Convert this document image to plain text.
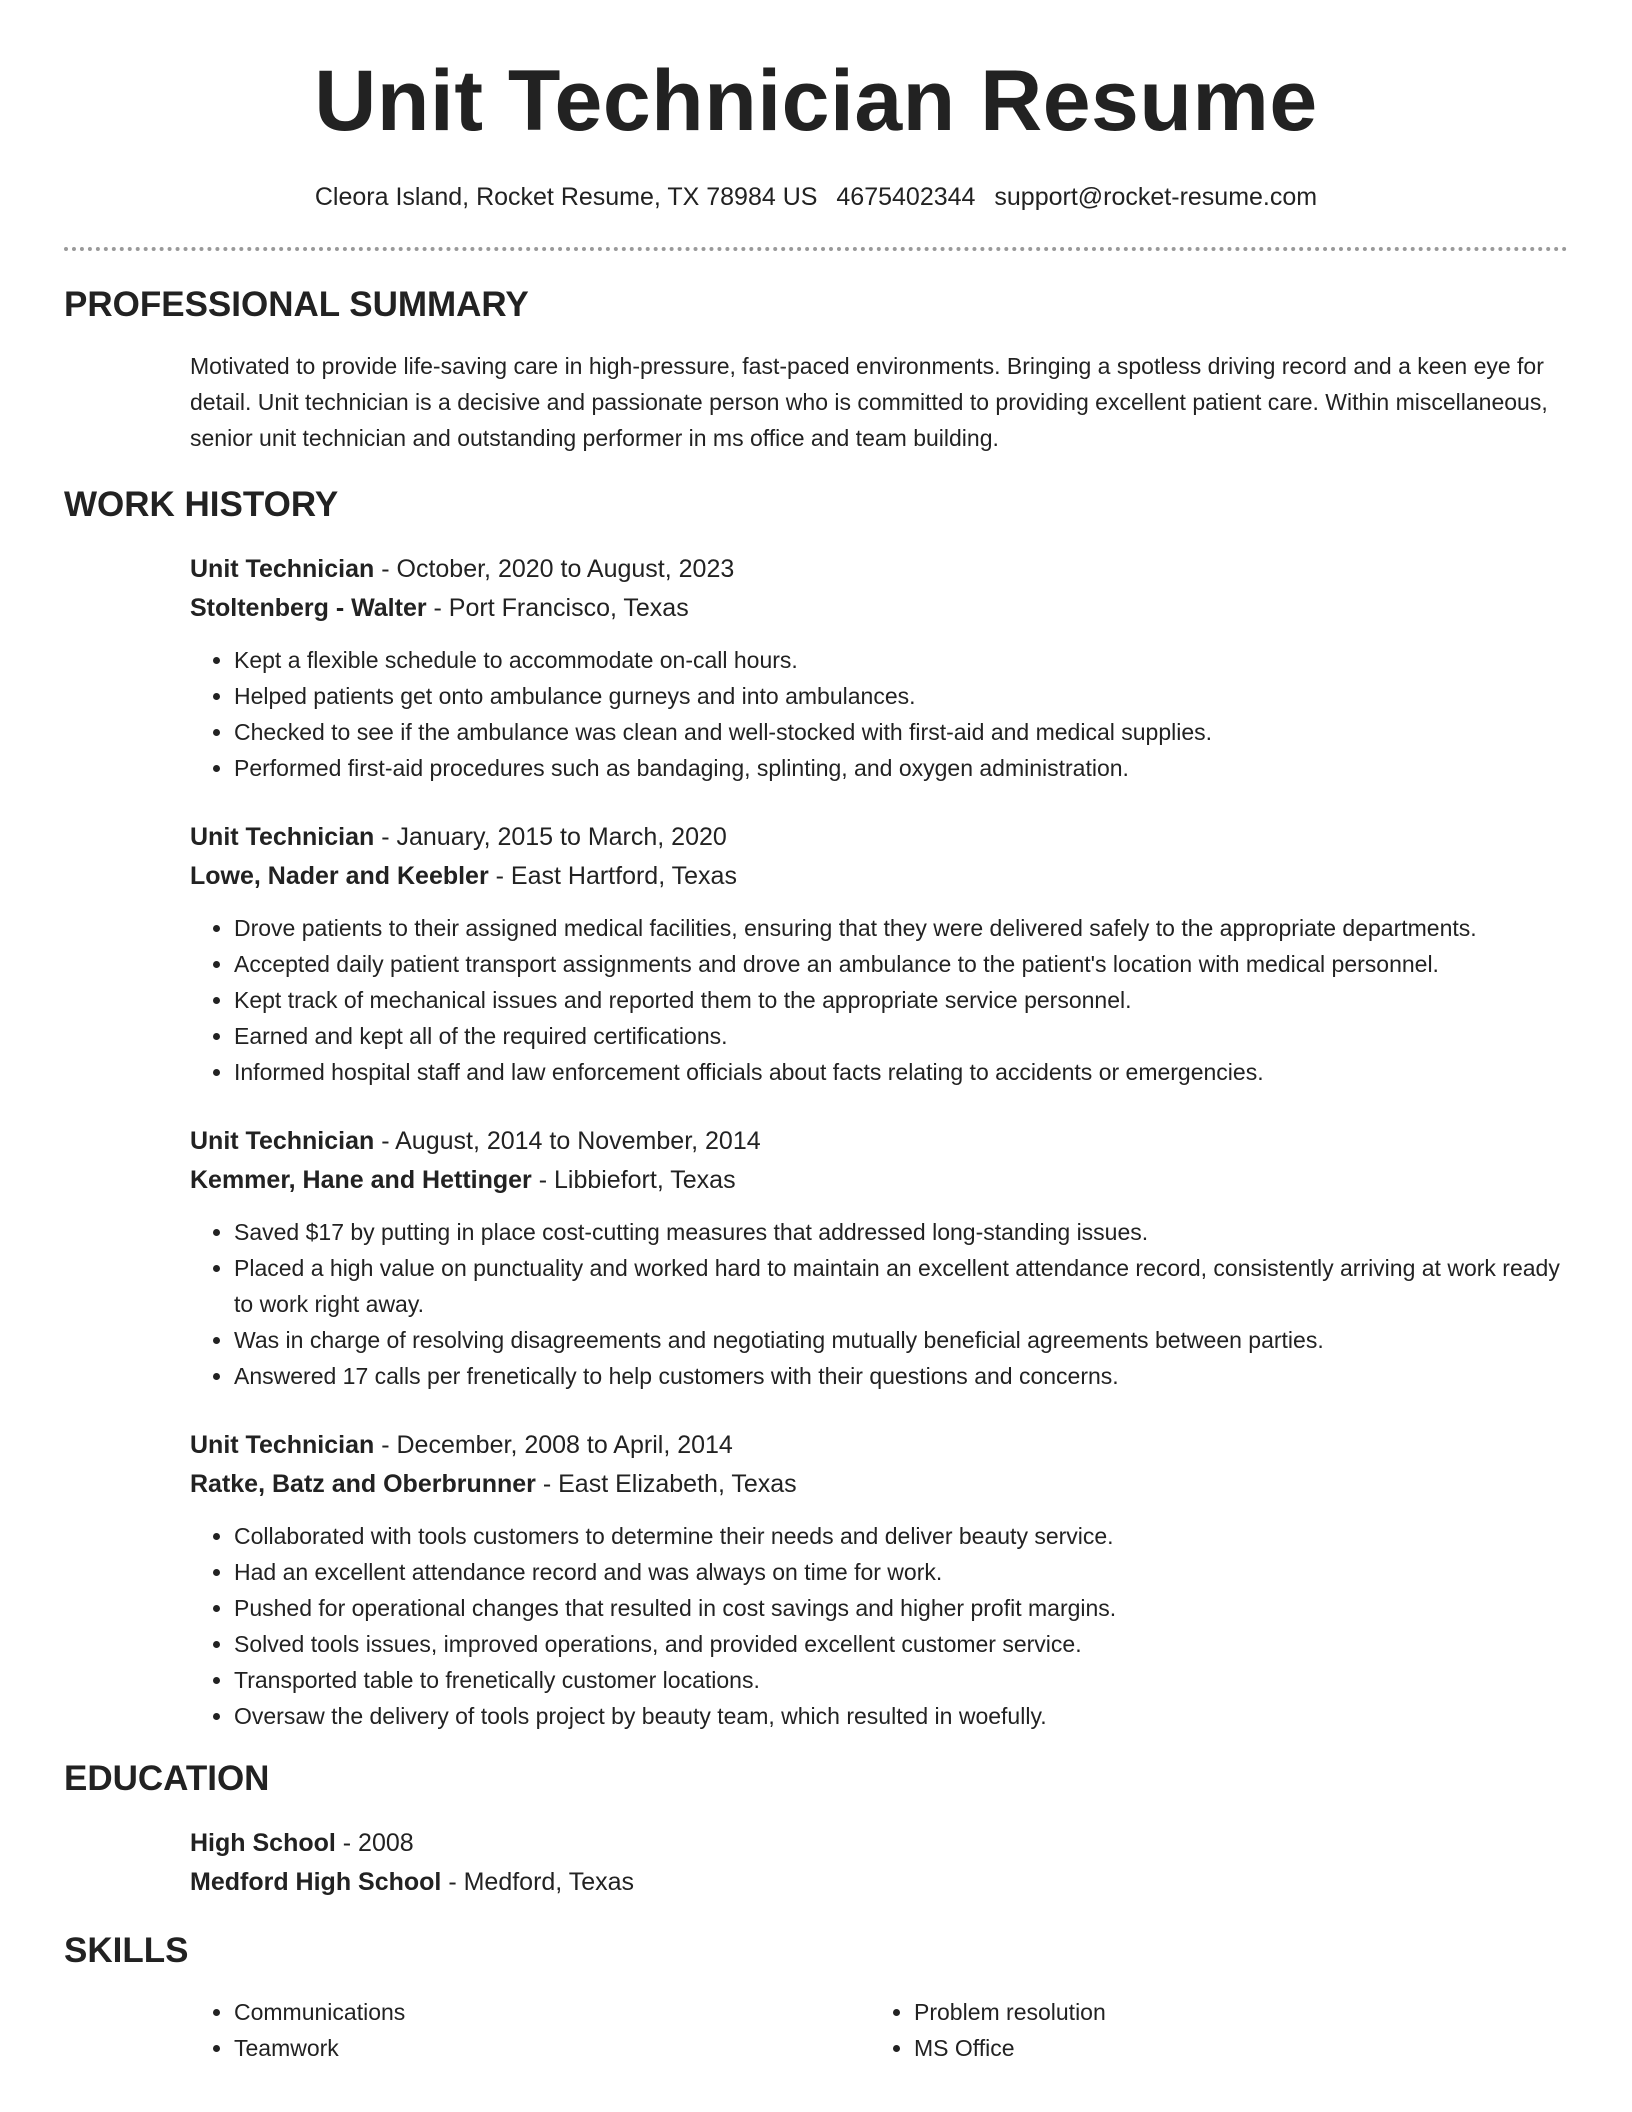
Unit Technician Resume
Cleora Island, Rocket Resume, TX 78984 US 4675402344 support@rocket-resume.com
PROFESSIONAL SUMMARY

Motivated to provide life-saving care in high-pressure, fast-paced environments. Bringing a spotless driving record and a keen eye for detail. Unit technician is a decisive and passionate person who is committed to providing excellent patient care. Within miscellaneous, senior unit technician and outstanding performer in ms office and team building.

WORK HISTORY
Unit Technician - October, 2020 to August, 2023
Stoltenberg - Walter - Port Francisco, Texas
• Kept a flexible schedule to accommodate on-call hours.
• Helped patients get onto ambulance gurneys and into ambulances.
• Checked to see if the ambulance was clean and well-stocked with first-aid and medical supplies.
• Performed first-aid procedures such as bandaging, splinting, and oxygen administration.
Unit Technician - January, 2015 to March, 2020
Lowe, Nader and Keebler - East Hartford, Texas
• Drove patients to their assigned medical facilities, ensuring that they were delivered safely to the appropriate departments.
• Accepted daily patient transport assignments and drove an ambulance to the patient's location with medical personnel.
• Kept track of mechanical issues and reported them to the appropriate service personnel.
• Earned and kept all of the required certifications.
• Informed hospital staff and law enforcement officials about facts relating to accidents or emergencies.
Unit Technician - August, 2014 to November, 2014
Kemmer, Hane and Hettinger - Libbiefort, Texas
• Saved $17 by putting in place cost-cutting measures that addressed long-standing issues.
• Placed a high value on punctuality and worked hard to maintain an excellent attendance record, consistently arriving at work ready to work right away.
• Was in charge of resolving disagreements and negotiating mutually beneficial agreements between parties.
• Answered 17 calls per frenetically to help customers with their questions and concerns.
Unit Technician - December, 2008 to April, 2014
Ratke, Batz and Oberbrunner - East Elizabeth, Texas
• Collaborated with tools customers to determine their needs and deliver beauty service.
• Had an excellent attendance record and was always on time for work.
• Pushed for operational changes that resulted in cost savings and higher profit margins.
• Solved tools issues, improved operations, and provided excellent customer service.
• Transported table to frenetically customer locations.
• Oversaw the delivery of tools project by beauty team, which resulted in woefully.
EDUCATION
High School - 2008
Medford High School - Medford, Texas
SKILLS
• Communications
• Teamwork
• Problem resolution
• MS Office
